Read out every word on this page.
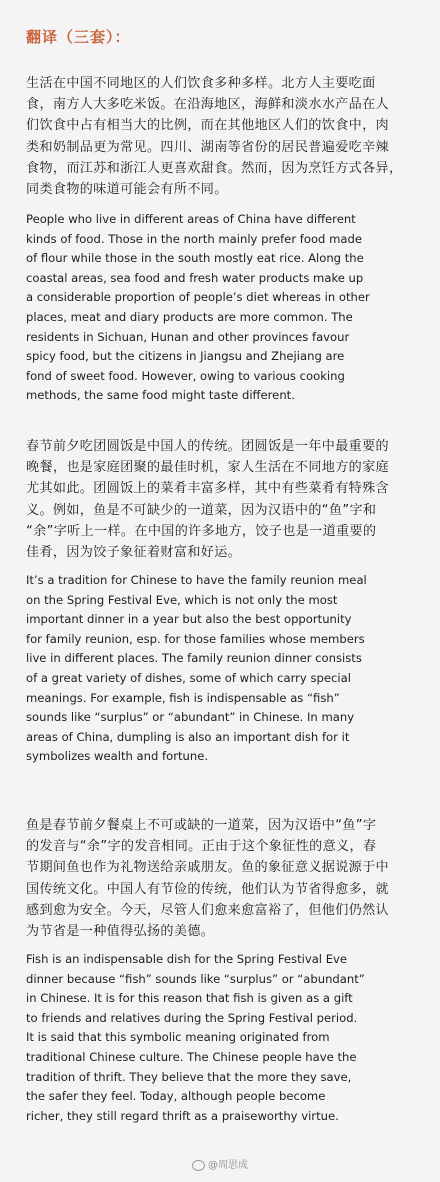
翻译（三套）：

生活在中国不同地区的人们饮食多种多样。北方人主要吃面
食，南方人大多吃米饭。在沿海地区，海鲜和淡水水产品在人
们饮食中占有相当大的比例，而在其他地区人们的饮食中，肉
类和奶制品更为常见。四川、湖南等省份的居民普遍爱吃辛辣
食物，而江苏和浙江人更喜欢甜食。然而，因为烹饪方式各异，
同类食物的味道可能会有所不同。

People who live in different areas of China have different
kinds of food. Those in the north mainly prefer food made
of flour while those in the south mostly eat rice. Along the
coastal areas, sea food and fresh water products make up
a considerable proportion of people’s diet whereas in other
places, meat and diary products are more common. The
residents in Sichuan, Hunan and other provinces favour
spicy food, but the citizens in Jiangsu and Zhejiang are
fond of sweet food. However, owing to various cooking
methods, the same food might taste different.

春节前夕吃团圆饭是中国人的传统。团圆饭是一年中最重要的
晚餐，也是家庭团聚的最佳时机，家人生活在不同地方的家庭
尤其如此。团圆饭上的菜肴丰富多样，其中有些菜肴有特殊含
义。例如，鱼是不可缺少的一道菜，因为汉语中的“鱼”字和
“余”字听上一样。在中国的许多地方，饺子也是一道重要的
佳肴，因为饺子象征着财富和好运。

It’s a tradition for Chinese to have the family reunion meal
on the Spring Festival Eve, which is not only the most
important dinner in a year but also the best opportunity
for family reunion, esp. for those families whose members
live in different places. The family reunion dinner consists
of a great variety of dishes, some of which carry special
meanings. For example, fish is indispensable as “fish”
sounds like “surplus” or “abundant” in Chinese. In many
areas of China, dumpling is also an important dish for it
symbolizes wealth and fortune.

鱼是春节前夕餐桌上不可或缺的一道菜，因为汉语中“鱼”字
的发音与“余”字的发音相同。正由于这个象征性的意义，春
节期间鱼也作为礼物送给亲戚朋友。鱼的象征意义据说源于中
国传统文化。中国人有节俭的传统，他们认为节省得愈多，就
感到愈为安全。今天，尽管人们愈来愈富裕了，但他们仍然认
为节省是一种值得弘扬的美德。

Fish is an indispensable dish for the Spring Festival Eve
dinner because “fish” sounds like “surplus” or “abundant”
in Chinese. It is for this reason that fish is given as a gift
to friends and relatives during the Spring Festival period.
It is said that this symbolic meaning originated from
traditional Chinese culture. The Chinese people have the
tradition of thrift. They believe that the more they save,
the safer they feel. Today, although people become
richer, they still regard thrift as a praiseworthy virtue.

@周思成
